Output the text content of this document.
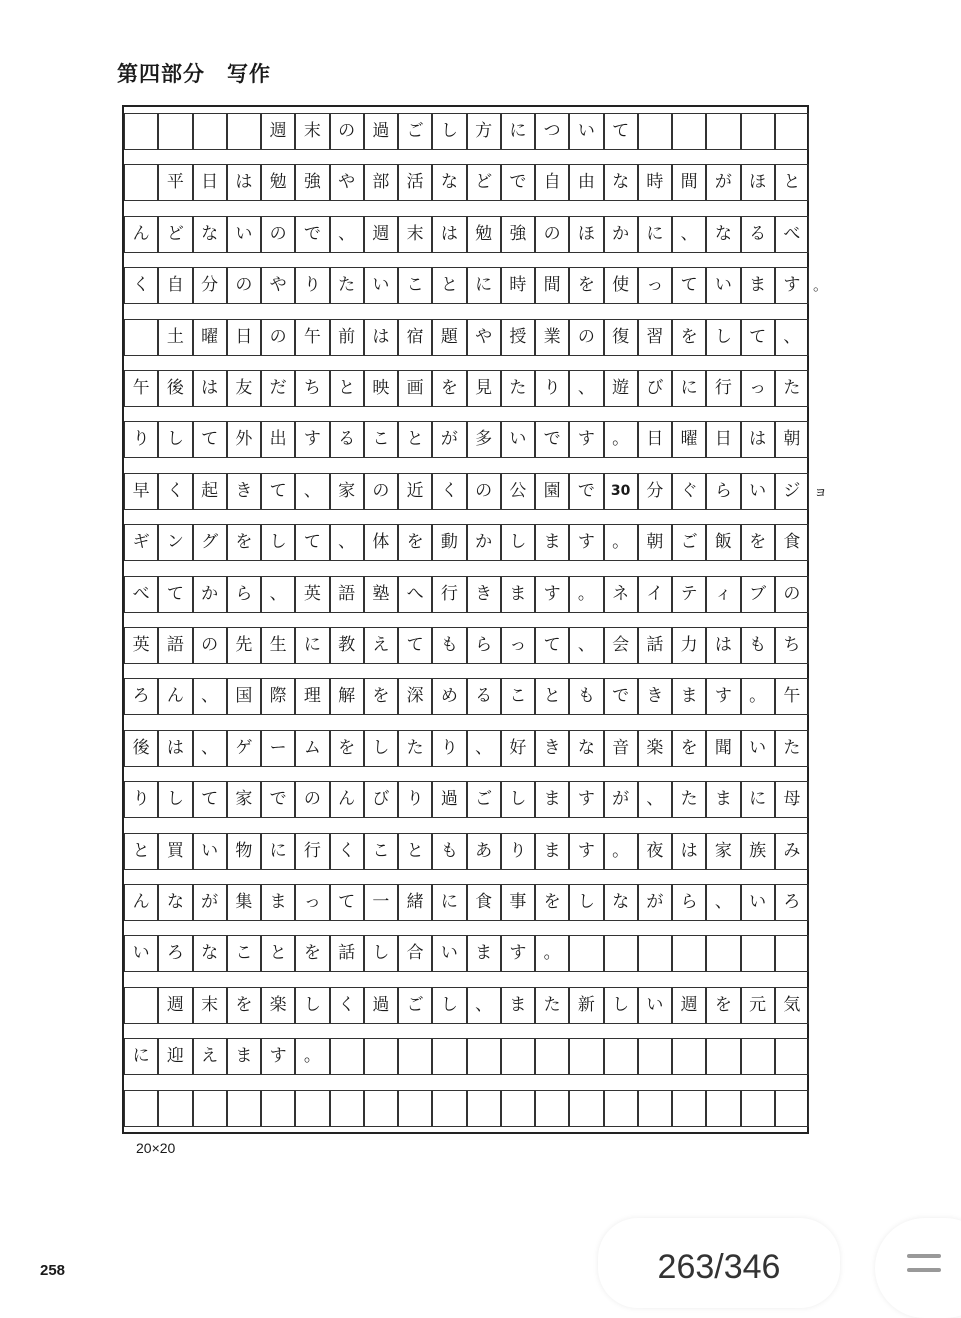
第四部分　写作
週	末	の	過	ご	し	方	に	つ	い	て
平	日	は	勉	強	や	部	活	な	ど	で	自	由	な	時	間	が	ほ	と
ん	ど	な	い	の	で	、	週	末	は	勉	強	の	ほ	か	に	、	な	る	べ
く	自	分	の	や	り	た	い	こ	と	に	時	間	を	使	っ	て	い	ま	す
土	曜	日	の	午	前	は	宿	題	や	授	業	の	復	習	を	し	て	、
午	後	は	友	だ	ち	と	映	画	を	見	た	り	、	遊	び	に	行	っ	た
り	し	て	外	出	す	る	こ	と	が	多	い	で	す	。	日	曜	日	は	朝
早	く	起	き	て	、	家	の	近	く	の	公	園	で	30 分	ぐ	ら	い	ジ
ギ	ン	グ	を	し	て	、	体	を	動	か	し	ま	す	。	朝	ご	飯	を	食
べ	て	か	ら	、	英	語	塾	へ	行	き	ま	す	。	ネ	イ	テ	ィ	ブ	の
英	語	の	先	生	に	教	え	て	も	ら	っ	て	、	会	話	力	は	も	ち
ろ	ん	、	国	際	理	解	を	深	め	る	こ	と	も	で	き	ま	す	。	午
後	は	、	ゲ	ー	ム	を	し	た	り	、	好	き	な	音	楽	を	聞	い	た
り	し	て	家	で	の	ん	び	り	過	ご	し	ま	す	が	、	た	ま	に	母
と	買	い	物	に	行	く	こ	と	も	あ	り	ま	す	。	夜	は	家	族	み
ん	な	が	集	ま	っ	て	一	緒	に	食	事	を	し	な	が	ら	、	い	ろ
い	ろ	な	こ	と	を	話	し	合	い	ま	す	。
週	末	を	楽	し	く	過	ご	し	、	ま	た	新	し	い	週	を	元	気
に	迎	え	ま	す	。
20×20
258	263/346
。
ョ
